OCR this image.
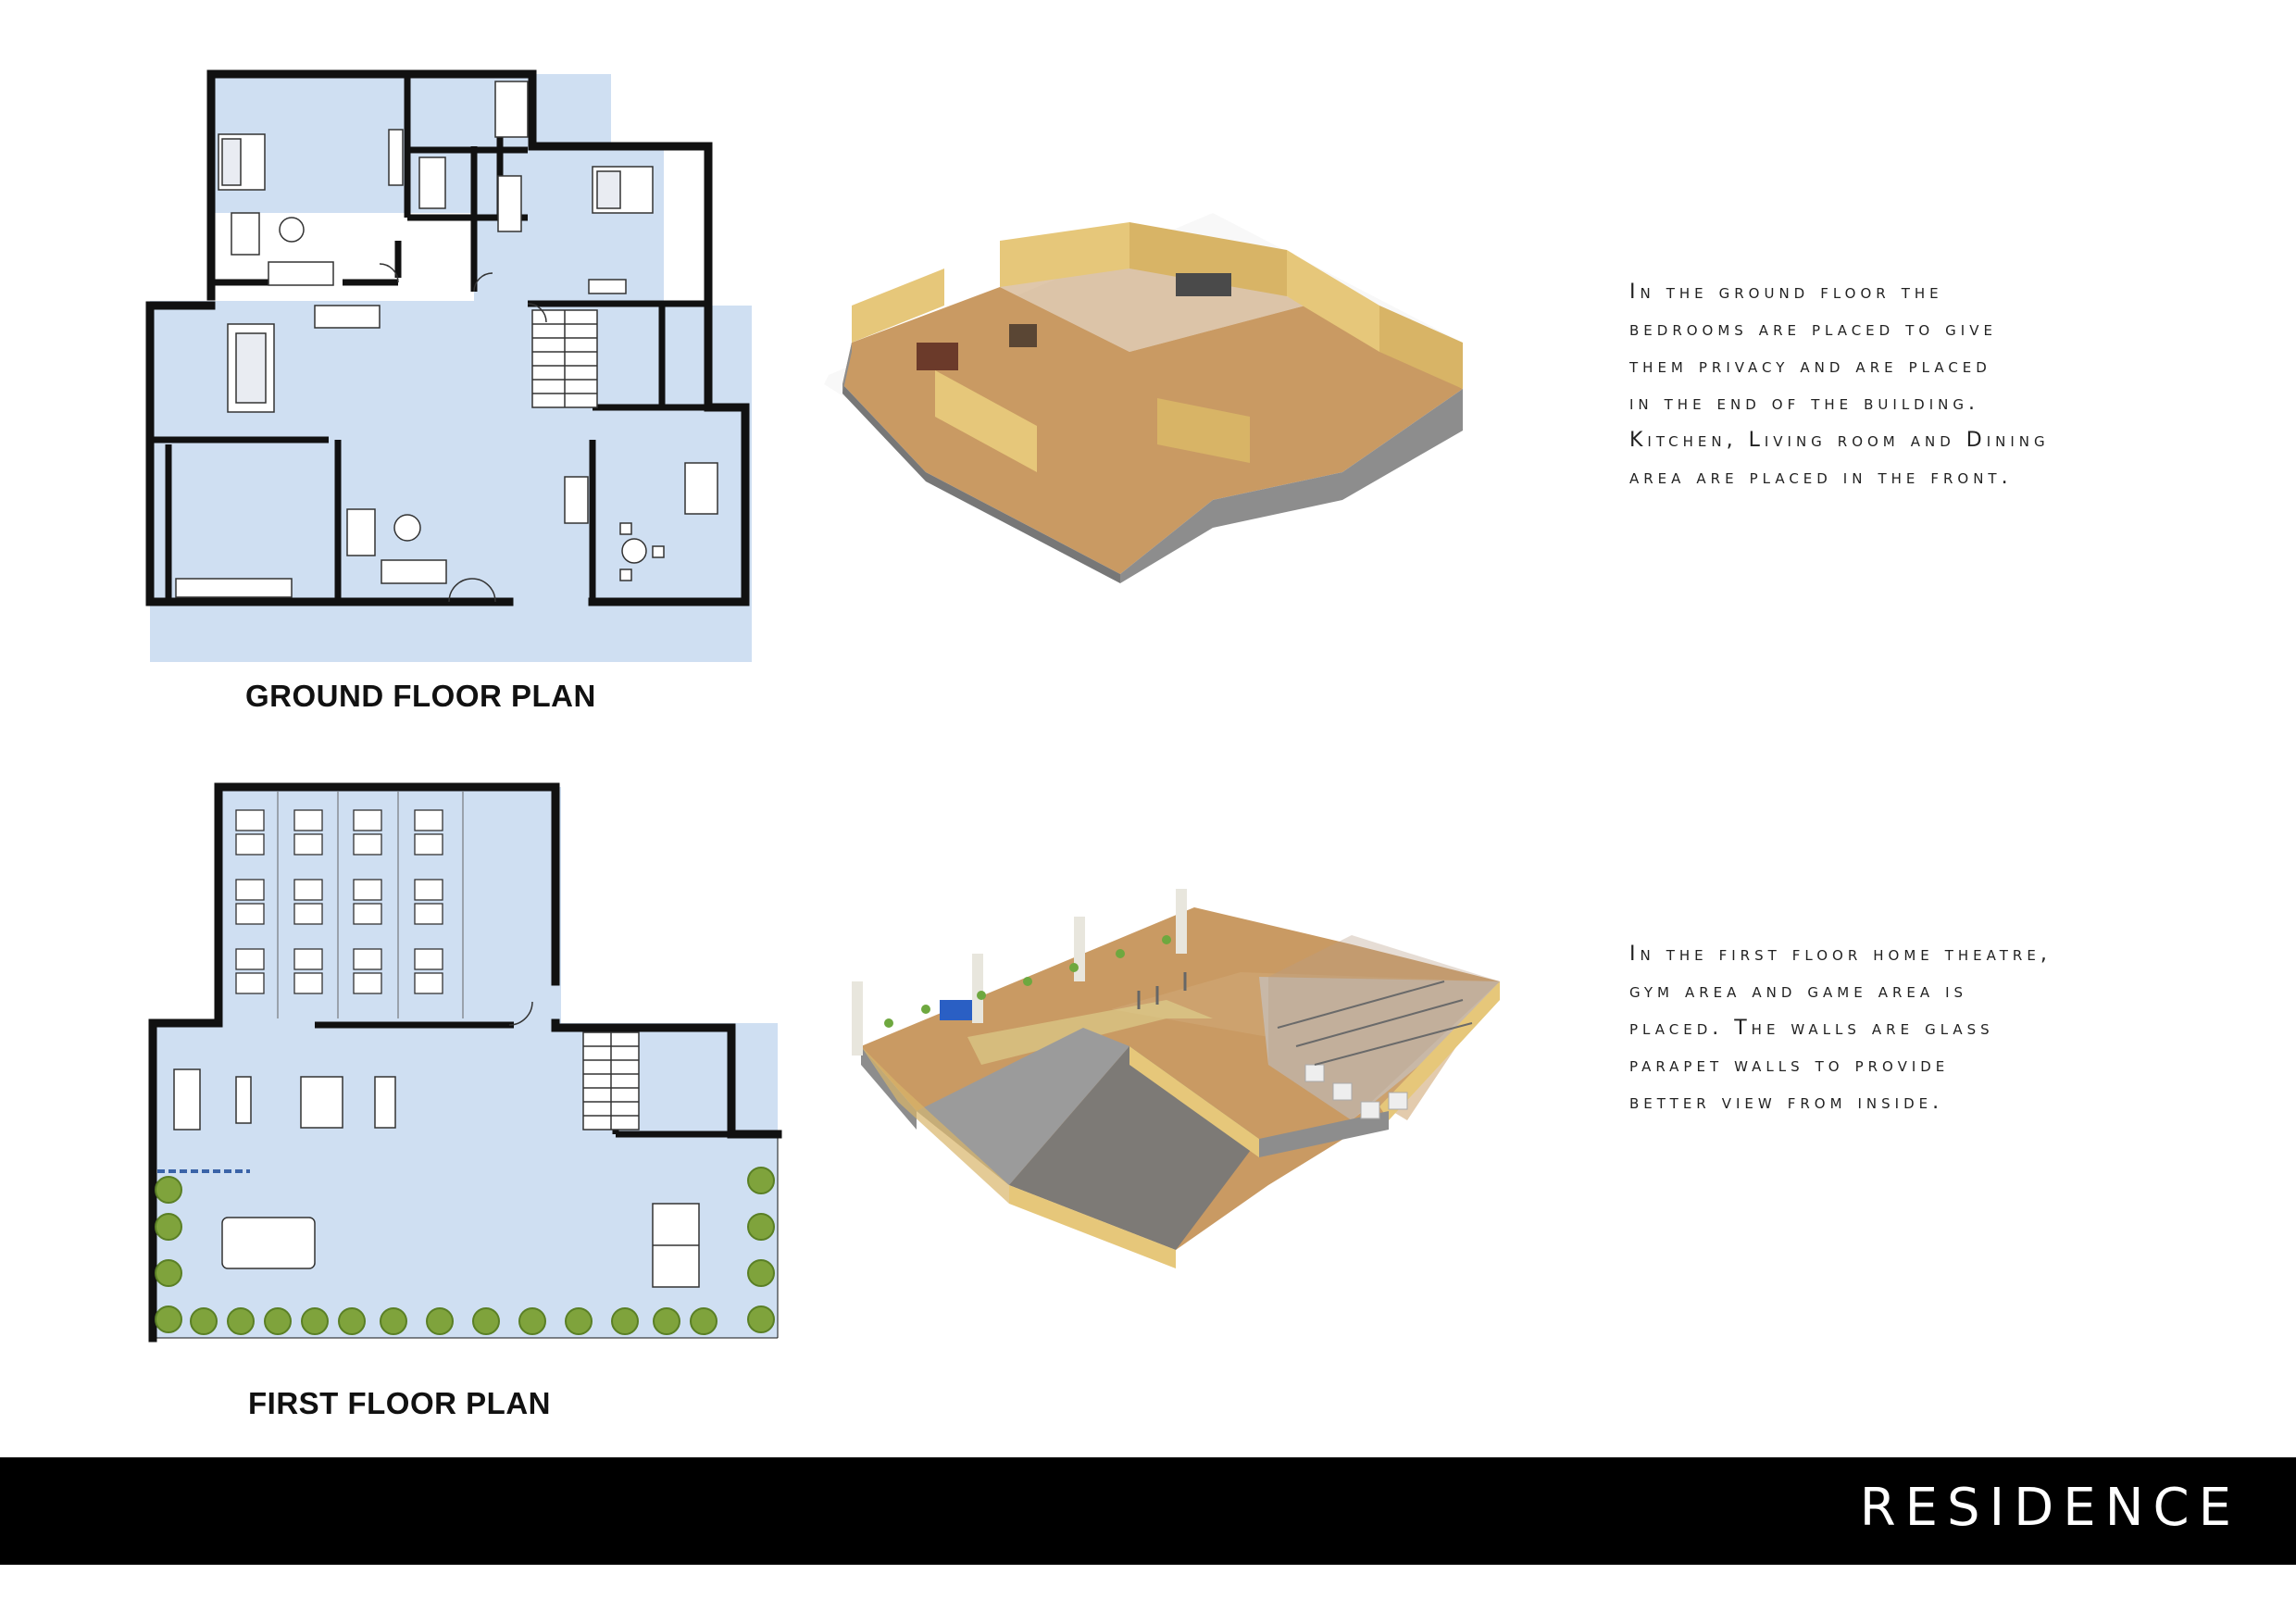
GROUND FLOOR PLAN
In the ground floor the
bedrooms are placed to give
them privacy and are placed
in the end of the building.
Kitchen, Living room and Dining
area are placed in the front.
FIRST FLOOR PLAN
In the first floor home theatre,
gym area and game area is
placed. The walls are glass
parapet walls to provide
better view from inside.
RESIDENCE
